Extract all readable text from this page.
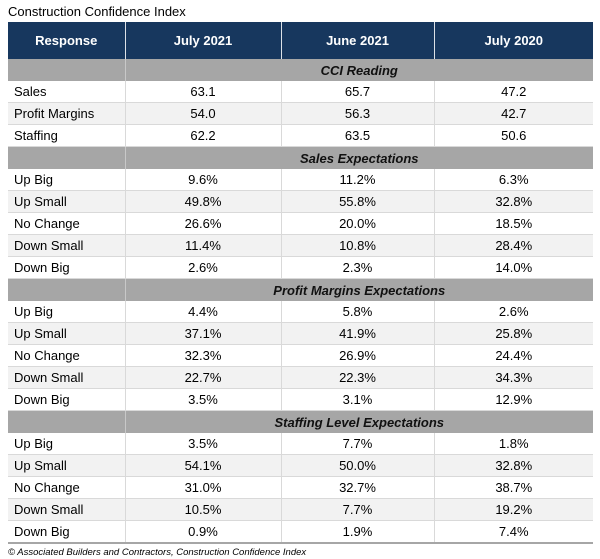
Construction Confidence Index
Response	July 2021	June 2021	July 2020
	CCI Reading		
Sales	63.1	65.7	47.2
Profit Margins	54.0	56.3	42.7
Staffing	62.2	63.5	50.6
	Sales Expectations		
Up Big	9.6%	11.2%	6.3%
Up Small	49.8%	55.8%	32.8%
No Change	26.6%	20.0%	18.5%
Down Small	11.4%	10.8%	28.4%
Down Big	2.6%	2.3%	14.0%
	Profit Margins Expectations		
Up Big	4.4%	5.8%	2.6%
Up Small	37.1%	41.9%	25.8%
No Change	32.3%	26.9%	24.4%
Down Small	22.7%	22.3%	34.3%
Down Big	3.5%	3.1%	12.9%
	Staffing Level Expectations		
Up Big	3.5%	7.7%	1.8%
Up Small	54.1%	50.0%	32.8%
No Change	31.0%	32.7%	38.7%
Down Small	10.5%	7.7%	19.2%
Down Big	0.9%	1.9%	7.4%
© Associated Builders and Contractors, Construction Confidence Index
